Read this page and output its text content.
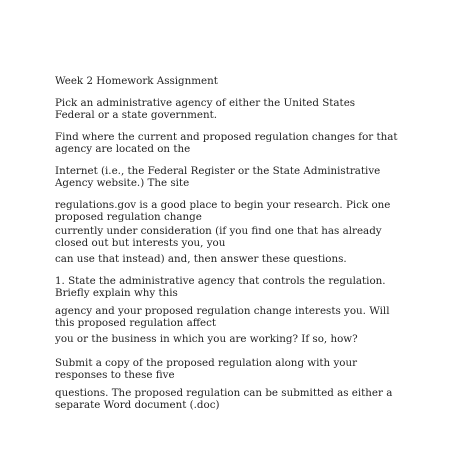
Week 2 Homework Assignment

Pick an administrative agency of either the United States
Federal or a state government.

Find where the current and proposed regulation changes for that
agency are located on the

Internet (i.e., the Federal Register or the State Administrative
Agency website.) The site

regulations.gov is a good place to begin your research. Pick one
proposed regulation change

currently under consideration (if you find one that has already
closed out but interests you, you

can use that instead) and, then answer these questions.

1. State the administrative agency that controls the regulation.
Briefly explain why this

agency and your proposed regulation change interests you. Will
this proposed regulation affect

you or the business in which you are working? If so, how?

Submit a copy of the proposed regulation along with your
responses to these five

questions. The proposed regulation can be submitted as either a
separate Word document (.doc)
